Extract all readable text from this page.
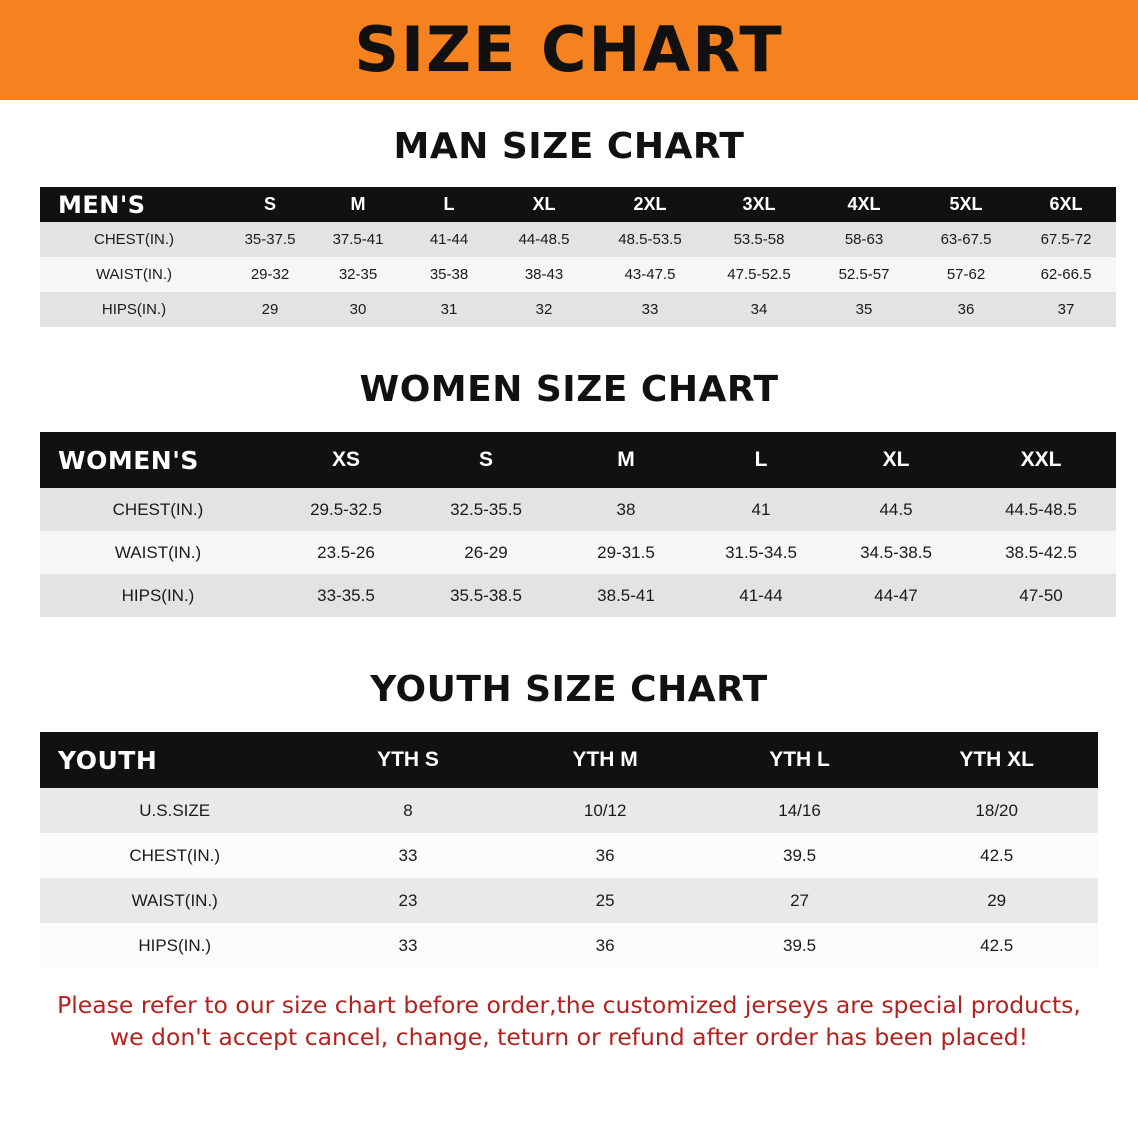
SIZE CHART
MAN SIZE CHART
MEN'S	S	M	L	XL	2XL	3XL	4XL	5XL	6XL
CHEST(IN.)	35-37.5	37.5-41	41-44	44-48.5	48.5-53.5	53.5-58	58-63	63-67.5	67.5-72
WAIST(IN.)	29-32	32-35	35-38	38-43	43-47.5	47.5-52.5	52.5-57	57-62	62-66.5
HIPS(IN.)	29	30	31	32	33	34	35	36	37
WOMEN SIZE CHART
WOMEN'S	XS	S	M	L	XL	XXL
CHEST(IN.)	29.5-32.5	32.5-35.5	38	41	44.5	44.5-48.5
WAIST(IN.)	23.5-26	26-29	29-31.5	31.5-34.5	34.5-38.5	38.5-42.5
HIPS(IN.)	33-35.5	35.5-38.5	38.5-41	41-44	44-47	47-50
YOUTH SIZE CHART
YOUTH	YTH S	YTH M	YTH L	YTH XL
U.S.SIZE	8	10/12	14/16	18/20
CHEST(IN.)	33	36	39.5	42.5
WAIST(IN.)	23	25	27	29
HIPS(IN.)	33	36	39.5	42.5
Please refer to our size chart before order,the customized jerseys are special products,
we don't accept cancel, change, teturn or refund after order has been placed!
